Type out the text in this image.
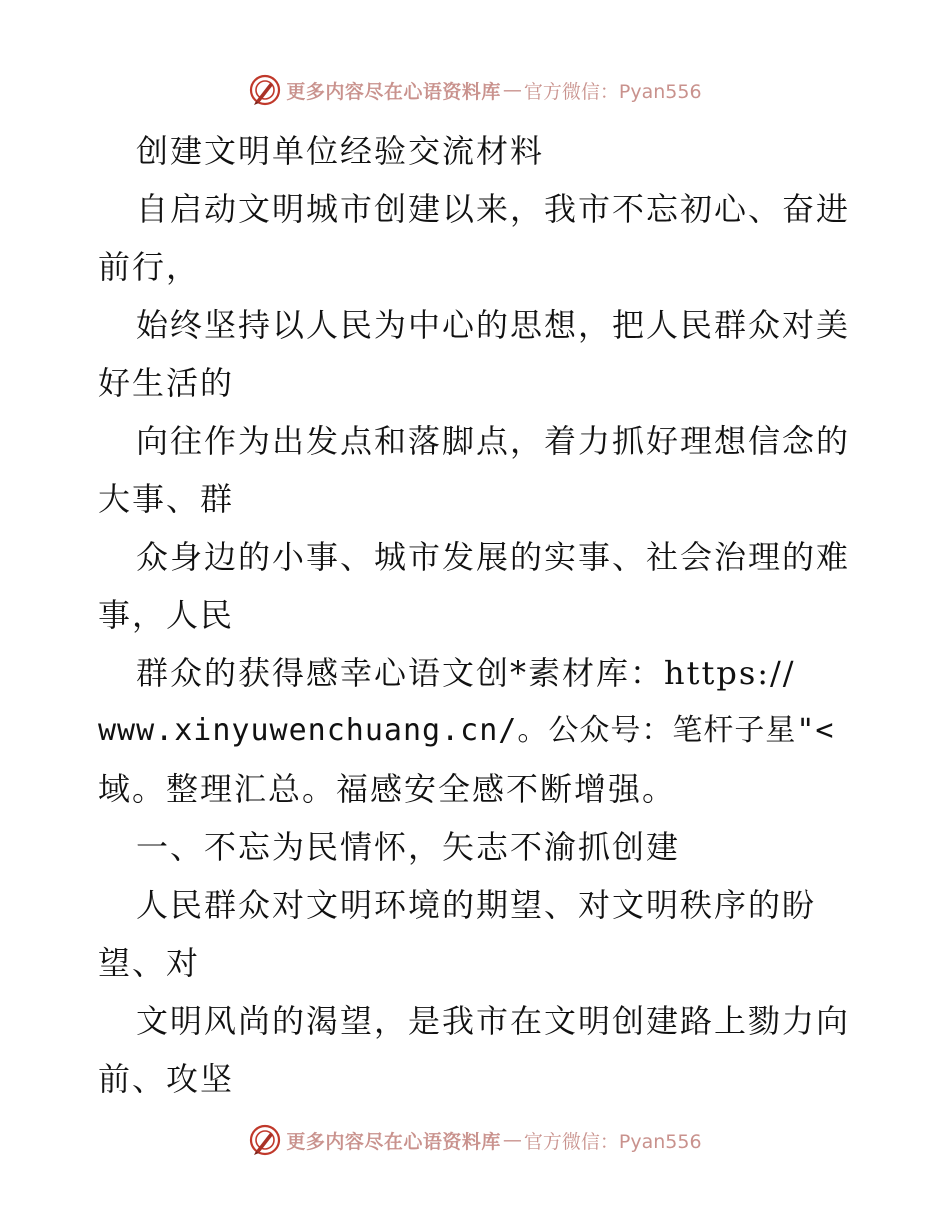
更多内容尽在心语资料库 — 官方微信：Pyan556
创建文明单位经验交流材料
自启动文明城市创建以来，我市不忘初心、奋进
前行，
始终坚持以人民为中心的思想，把人民群众对美
好生活的
向往作为出发点和落脚点，着力抓好理想信念的
大事、群
众身边的小事、城市发展的实事、社会治理的难
事，人民
群众的获得感幸心语文创*素材库：https://
www.xinyuwenchuang.cn/。公众号：笔杆子星"<
域。整理汇总。福感安全感不断增强。
一、不忘为民情怀，矢志不渝抓创建
人民群众对文明环境的期望、对文明秩序的盼
望、对
文明风尚的渴望，是我市在文明创建路上勠力向
前、攻坚
更多内容尽在心语资料库 — 官方微信：Pyan556
